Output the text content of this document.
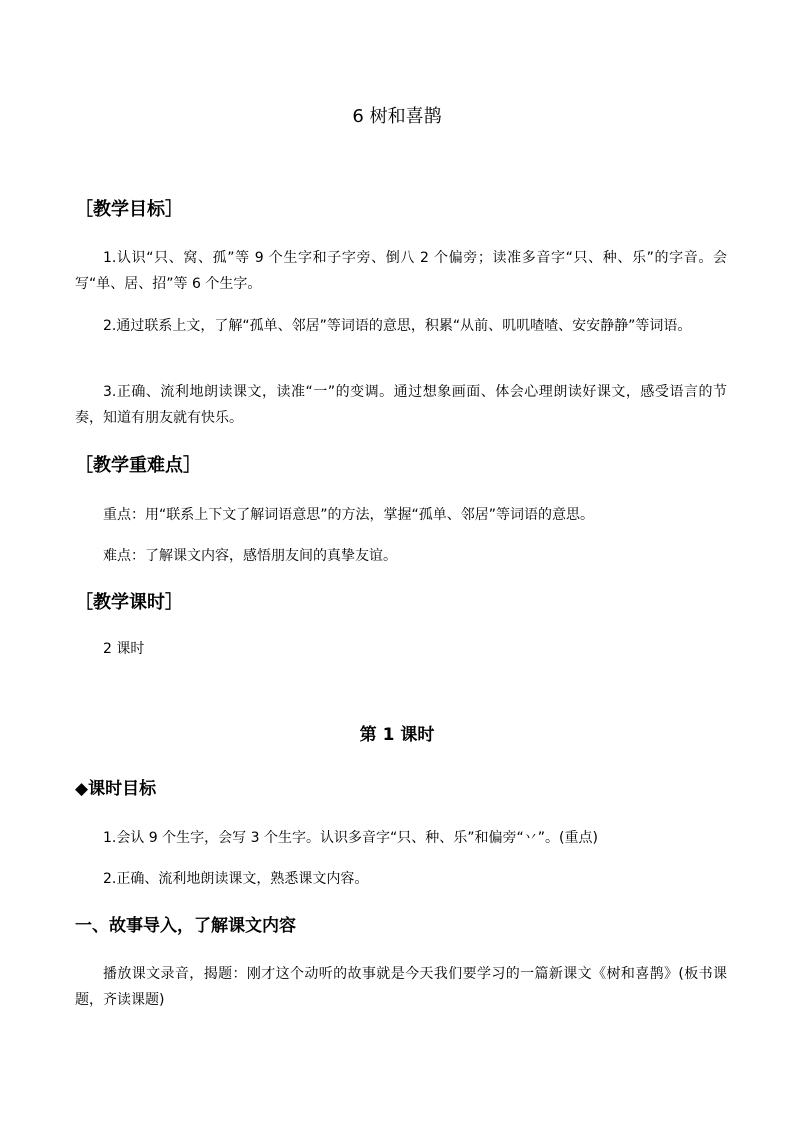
6 树和喜鹊
［教学目标］
1.认识“只、窝、孤”等 9 个生字和子字旁、倒八 2 个偏旁；读准多音字“只、种、乐”的字音。会写“单、居、招”等 6 个生字。
2.通过联系上文，了解“孤单、邻居”等词语的意思，积累“从前、叽叽喳喳、安安静静”等词语。
3.正确、流利地朗读课文，读准“一”的变调。通过想象画面、体会心理朗读好课文，感受语言的节奏，知道有朋友就有快乐。
［教学重难点］
重点：用“联系上下文了解词语意思”的方法，掌握“孤单、邻居”等词语的意思。
难点：了解课文内容，感悟朋友间的真挚友谊。
［教学课时］
2 课时
第 1 课时
◆课时目标
1.会认 9 个生字，会写 3 个生字。认识多音字“只、种、乐”和偏旁“丷”。(重点)
2.正确、流利地朗读课文，熟悉课文内容。
一、故事导入，了解课文内容
播放课文录音，揭题：刚才这个动听的故事就是今天我们要学习的一篇新课文《树和喜鹊》(板书课题，齐读课题)
